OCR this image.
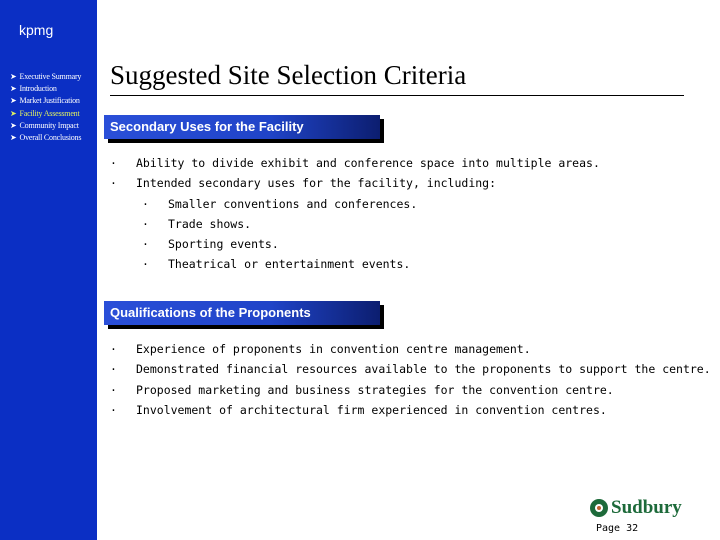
kpmg
➤ Executive Summary
➤ Introduction
➤ Market Justification
➤ Facility Assessment
➤ Community Impact
➤ Overall Conclusions
Suggested Site Selection Criteria
Secondary Uses for the Facility
· Ability to divide exhibit and conference space into multiple areas.
· Intended secondary uses for the facility, including:
· Smaller conventions and conferences.
· Trade shows.
· Sporting events.
· Theatrical or entertainment events.
Qualifications of the Proponents
· Experience of proponents in convention centre management.
· Demonstrated financial resources available to the proponents to support the centre.
· Proposed marketing and business strategies for the convention centre.
· Involvement of architectural firm experienced in convention centres.
Sudbury
Page 32
